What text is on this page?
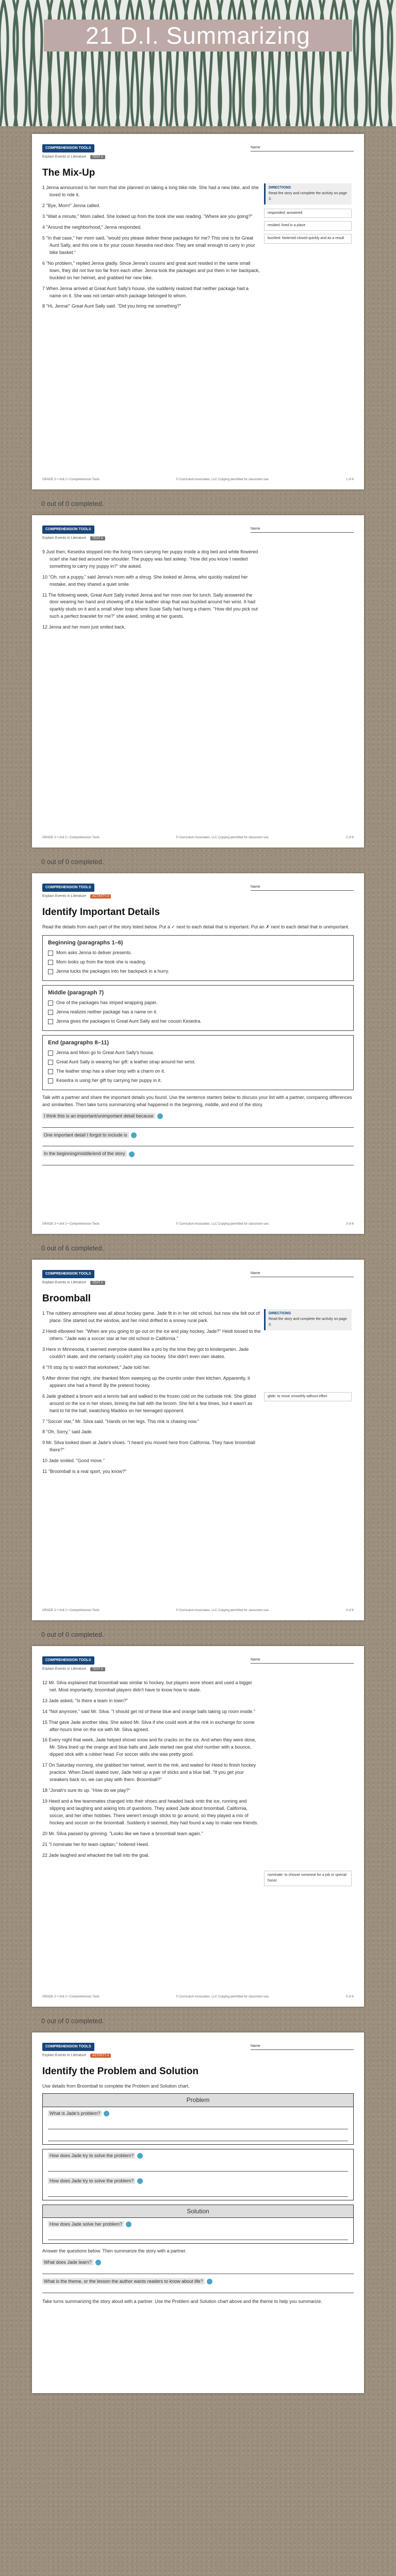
21 D.I. Summarizing
COMPREHENSION TOOLS	Name
Explain Events in Literature TEXT A
The Mix-Up

1 Jenna announced to her mom that she planned on taking a long bike ride. She had a new bike, and she loved to ride it.

2 "Bye, Mom!" Jenna called.

3 "Wait a minute," Mom called. She looked up from the book she was reading. "Where are you going?"

4 "Around the neighborhood," Jenna responded.

5 "In that case," her mom said, "would you please deliver these packages for me? This one is for Great Aunt Sally, and this one is for your cousin Kesedra next door. They are small enough to carry in your bike basket."

6 "No problem," replied Jenna gladly. Since Jenna's cousins and great aunt resided in the same small town, they did not live too far from each other. Jenna took the packages and put them in her backpack, buckled on her helmet, and grabbed her new bike.

7 When Jenna arrived at Great Aunt Sally's house, she suddenly realized that neither package had a name on it. She was not certain which package belonged to whom.

8 "Hi, Jenna!" Great Aunt Sally said. "Did you bring me something?"

DIRECTIONS
Read the story and complete the activity on page 3.
responded: answered
resided: lived in a place
buckled: fastened closed quickly and as a result
GRADE 3 • Unit 2 • Comprehension Tools	© Curriculum Associates, LLC Copying permitted for classroom use.	1 of 6
0 out of 0 completed.
COMPREHENSION TOOLS	Name
Explain Events in Literature TEXT A

9 Just then, Kesedra stopped into the living room carrying her puppy inside a dog bed and white flowered scarf she had tied around her shoulder. The puppy was fast asleep. "How did you know I needed something to carry my puppy in?" she asked.

10 "Oh, not a puppy," said Jenna's mom with a shrug. She looked at Jenna, who quickly realized her mistake, and they shared a quiet smile.

11 The following week, Great Aunt Sally invited Jenna and her mom over for lunch. Sally answered the door wearing her hand and showing off a blue leather strap that was buckled around her wrist. It had sparkly studs on it and a small silver loop where Susie Sally had hung a charm. "How did you pick out such a perfect bracelet for me?" she asked, smiling at her guests.

12 Jenna and her mom just smiled back.

GRADE 3 • Unit 2 • Comprehension Tools	© Curriculum Associates, LLC Copying permitted for classroom use.	2 of 6
0 out of 0 completed.
COMPREHENSION TOOLS	Name
Explain Events in Literature ACTIVITY A
Identify Important Details
Read the details from each part of the story listed below. Put a ✓ next to each detail that is important. Put an ✗ next to each detail that is unimportant.
Beginning (paragraphs 1–6)
Mom asks Jenna to deliver presents.
Mom looks up from the book she is reading.
Jenna tucks the packages into her backpack in a hurry.
Middle (paragraph 7)
One of the packages has striped wrapping paper.
Jenna realizes neither package has a name on it.
Jenna gives the packages to Great Aunt Sally and her cousin Kesedra.
End (paragraphs 8–11)
Jenna and Mom go to Great Aunt Sally's house.
Great Aunt Sally is wearing her gift: a leather strap around her wrist.
The leather strap has a silver loop with a charm on it.
Kesedra is using her gift by carrying her puppy in it.
Talk with a partner and share the important details you found. Use the sentence starters below to discuss your list with a partner, comparing differences and similarities. Then take turns summarizing what happened in the beginning, middle, and end of the story.
I think this is an important/unimportant detail because
One important detail I forgot to include is
In the beginning/middle/end of the story
GRADE 3 • Unit 2 • Comprehension Tools	© Curriculum Associates, LLC Copying permitted for classroom use.	3 of 6
0 out of 6 completed.
COMPREHENSION TOOLS	Name
Explain Events in Literature TEXT A
Broomball

1 The rubbery atmosphere was all about hockey game. Jade fit in in her old school, but now she felt out of place. She started out the window, and her mind drifted to a snowy rural park.

2 Heidi elbowed her. "When are you going to go out on the ice and play hockey, Jade?" Heidi tossed to the others. "Jade was a soccer star at her old school in California."

3 Here in Minnesota, it seemed everyone skated like a pro by the time they got to kindergarten. Jade couldn't skate, and she certainly couldn't play ice hockey. She didn't even own skates.

4 "I'll stop by to watch that worksheet," Jade told her.

5 After dinner that night, she thanked Mom sweeping up the crumbs under their kitchen. Apparently, it appears she had a friend! By the pretend hockey.

6 Jade grabbed a broom and a tennis ball and walked to the frozen cold on the curbside rink. She glided around on the ice in her shoes, brining the ball with the broom. She fell a few times, but it wasn't as hard to hit the ball, swatching Maddox on her teenaged opponent.

7 "Soccer star," Mr. Silva said. "Hands on her legs. This rink is chasing now."

8 "Oh, Sorry," said Jade.

9 Mr. Silva looked down at Jade's shoes. "I heard you moved here from California. They have broomball there?"

10 Jade smiled. "Good move."

11 "Broomball is a real sport, you know?"

DIRECTIONS
Read the story and complete the activity on page 3.
glide: to move smoothly without effort
GRADE 3 • Unit 2 • Comprehension Tools	© Curriculum Associates, LLC Copying permitted for classroom use.	4 of 6
0 out of 0 completed.
COMPREHENSION TOOLS	Name
Explain Events in Literature TEXT A

12 Mr. Silva explained that broomball was similar to hockey, but players wore shoes and used a bigger net. Most importantly, broomball players didn't have to know how to skate.

13 Jade asked, "Is there a team in town?"

14 "Not anymore," said Mr. Silva. "I should get rid of these blue and orange balls taking up room inside."

15 That gave Jade another idea. She asked Mr. Silva if she could work at the rink in exchange for some after-hours time on the ice with Mr. Silva agreed.

16 Every night that week, Jade helped shovel snow and fix cracks on the ice. And when they were done, Mr. Silva lined up the orange and blue balls and Jade started raw goal shot number with a bounce, dipped stick with a rubber head. For soccer skills she was pretty good.

17 On Saturday morning, she grabbed her helmet, went to the rink, and waited for Heed to finish hockey practice. When David skated over, Jade held up a pair of sticks and a blue ball. "If you get your sneakers back on, we can play with them. Broomball?"

18 "Jonah's sure its up. "How do we play?"

19 Heed and a few teammates changed into their shoes and headed back onto the ice, running and slipping and laughing and asking lots of questions. They asked Jade about broomball, California, soccer, and her other hobbies. There weren't enough sticks to go around, so they played a mix of hockey and soccer on the broomball. Suddenly it seemed, they had found a way to make new friends.

20 Mr. Silva passed by grinning. "Looks like we have a broomball team again."

21 "I nominate her for team captain," hollered Heed.

22 Jade laughed and whacked the ball into the goal.

nominate: to choose someone for a job or special honor
GRADE 3 • Unit 2 • Comprehension Tools	© Curriculum Associates, LLC Copying permitted for classroom use.	5 of 6
0 out of 0 completed.
COMPREHENSION TOOLS	Name
Explain Events in Literature ACTIVITY A
Identify the Problem and Solution
Use details from Broomball to complete the Problem and Solution chart.
Problem
What is Jade's problem?
How does Jade try to solve the problem?
How does Jade try to solve the problem?
Solution
How does Jade solve her problem?
Answer the questions below. Then summarize the story with a partner.
What does Jade learn?
What is the theme, or the lesson the author wants readers to know about life?
Take turns summarizing the story aloud with a partner. Use the Problem and Solution chart above and the theme to help you summarize.
